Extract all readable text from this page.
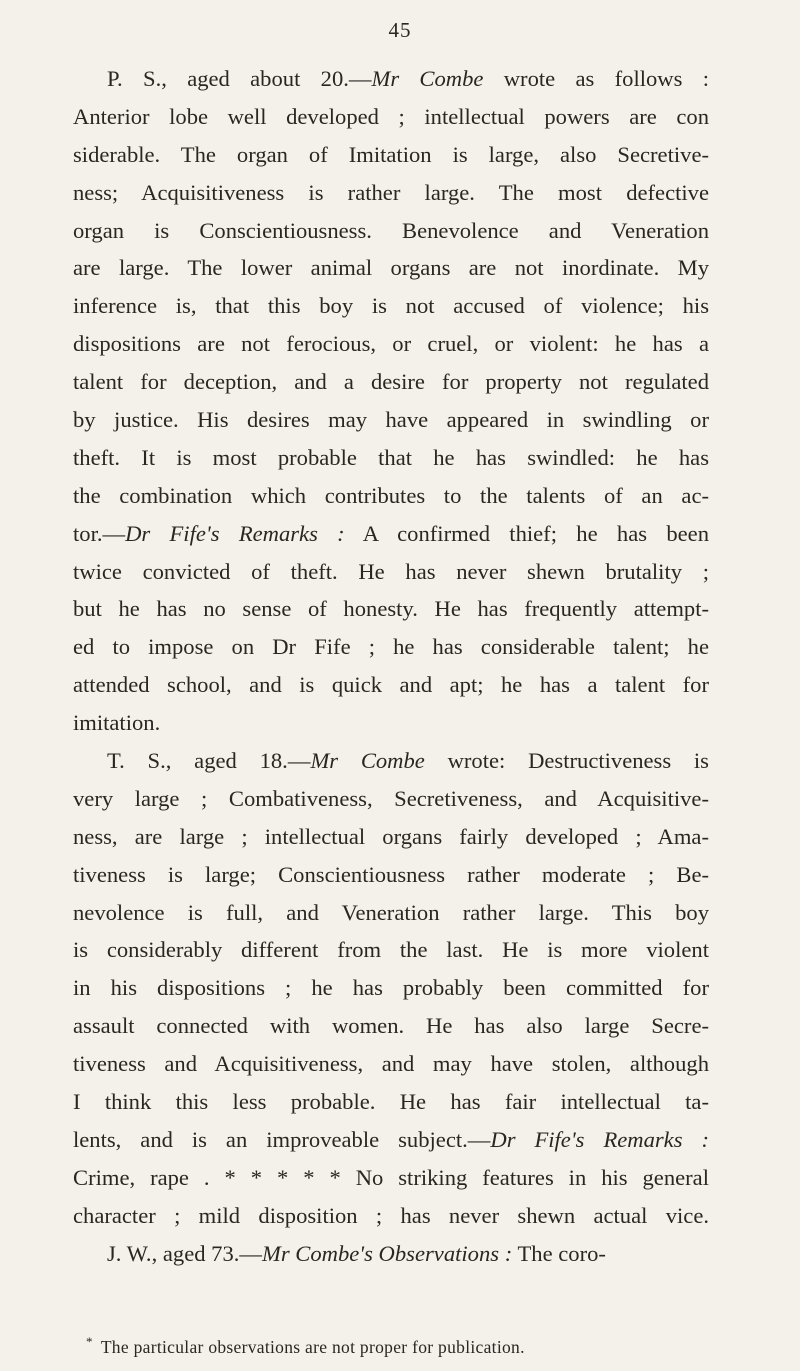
45
P. S., aged about 20.—Mr Combe wrote as follows :
Anterior lobe well developed ; intellectual powers are con
siderable. The organ of Imitation is large, also Secretive-
ness; Acquisitiveness is rather large. The most defective
organ is Conscientiousness. Benevolence and Veneration
are large. The lower animal organs are not inordinate. My
inference is, that this boy is not accused of violence; his
dispositions are not ferocious, or cruel, or violent: he has a
talent for deception, and a desire for property not regulated
by justice. His desires may have appeared in swindling or
theft. It is most probable that he has swindled: he has
the combination which contributes to the talents of an ac-
tor.—Dr Fife's Remarks : A confirmed thief; he has been
twice convicted of theft. He has never shewn brutality ;
but he has no sense of honesty. He has frequently attempt-
ed to impose on Dr Fife ; he has considerable talent; he
attended school, and is quick and apt; he has a talent for
imitation.
T. S., aged 18.—Mr Combe wrote: Destructiveness is
very large ; Combativeness, Secretiveness, and Acquisitive-
ness, are large ; intellectual organs fairly developed ; Ama-
tiveness is large; Conscientiousness rather moderate ; Be-
nevolence is full, and Veneration rather large. This boy
is considerably different from the last. He is more violent
in his dispositions ; he has probably been committed for
assault connected with women. He has also large Secre-
tiveness and Acquisitiveness, and may have stolen, although
I think this less probable. He has fair intellectual ta-
lents, and is an improveable subject.—Dr Fife's Remarks :
Crime, rape . * * * * * No striking features in his general
character ; mild disposition ; has never shewn actual vice.
J. W., aged 73.—Mr Combe's Observations : The coro-
* The particular observations are not proper for publication.
